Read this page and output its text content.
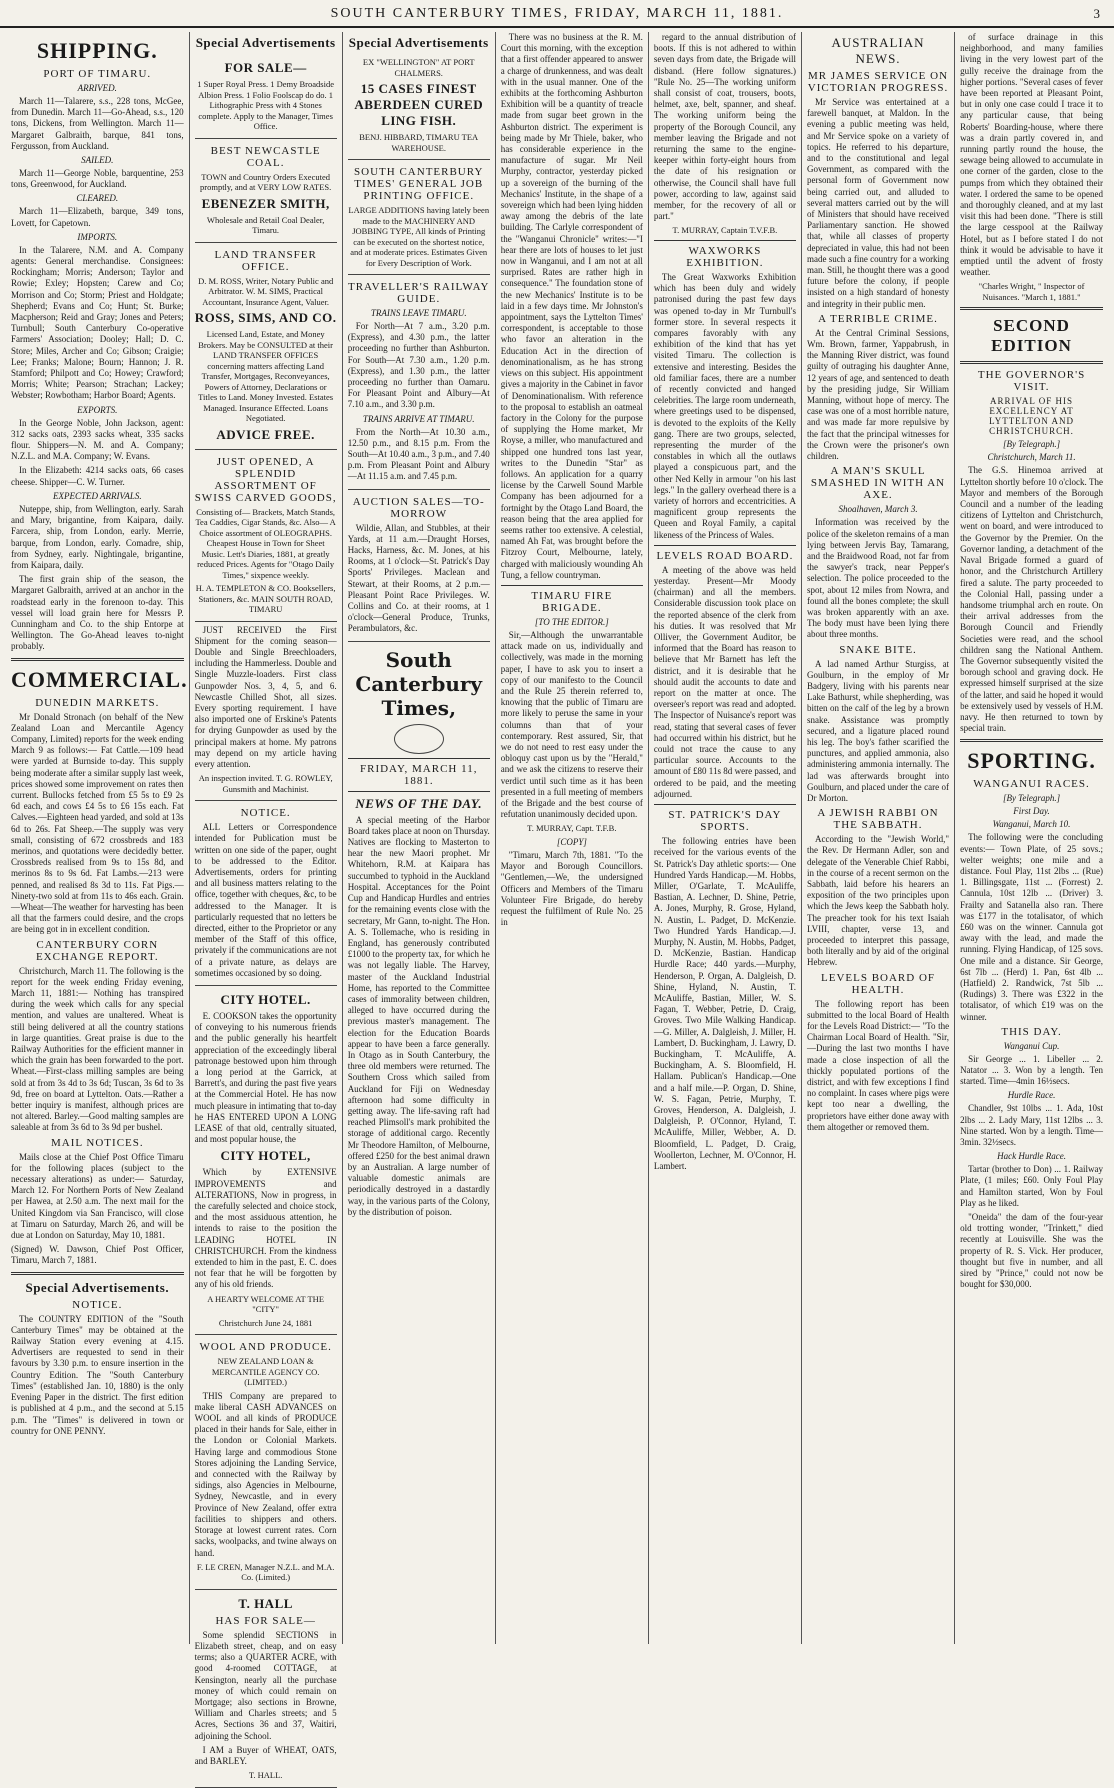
SOUTH CANTERBURY TIMES, FRIDAY, MARCH 11, 1881.	3
SHIPPING.
PORT OF TIMARU.
ARRIVED.

March 11—Talarere, s.s., 228 tons, McGee, from Dunedin. March 11—Go-Ahead, s.s., 120 tons, Dickens, from Wellington. March 11—Margaret Galbraith, barque, 841 tons, Fergusson, from Auckland.

SAILED.

March 11—George Noble, barquentine, 253 tons, Greenwood, for Auckland.

CLEARED.

March 11—Elizabeth, barque, 349 tons, Lovett, for Capetown.

IMPORTS.

In the Talarere, N.M. and A. Company agents: General merchandise. Consignees: Rockingham; Morris; Anderson; Taylor and Rowie; Exley; Hopsten; Carew and Co; Morrison and Co; Storm; Priest and Holdgate; Shepherd; Evans and Co; Hunt; St. Burke; Macpherson; Reid and Gray; Jones and Peters; Turnbull; South Canterbury Co-operative Farmers' Association; Dooley; Hall; D. C. Store; Miles, Archer and Co; Gibson; Craigie; Lee; Franks; Malone; Bourn; Hannon; J. R. Stamford; Philpott and Co; Howey; Crawford; Morris; White; Pearson; Strachan; Lackey; Webster; Rowbotham; Harbor Board; Agents.

EXPORTS.

In the George Noble, John Jackson, agent: 312 sacks oats, 2393 sacks wheat, 335 sacks flour. Shippers—N. M. and A. Company; N.Z.L. and M.A. Company; W. Evans.

In the Elizabeth: 4214 sacks oats, 66 cases cheese. Shipper—C. W. Turner.

EXPECTED ARRIVALS.

Nuteppe, ship, from Wellington, early. Sarah and Mary, brigantine, from Kaipara, daily. Farcera, ship, from London, early. Merrie, barque, from London, early. Comadre, ship, from Sydney, early. Nightingale, brigantine, from Kaipara, daily.

The first grain ship of the season, the Margaret Galbraith, arrived at an anchor in the roadstead early in the forenoon to-day. This vessel will load grain here for Messrs P. Cunningham and Co. to the ship Entorpe at Wellington. The Go-Ahead leaves to-night probably.

COMMERCIAL.
DUNEDIN MARKETS.

Mr Donald Stronach (on behalf of the New Zealand Loan and Mercantile Agency Company, Limited) reports for the week ending March 9 as follows:— Fat Cattle.—109 head were yarded at Burnside to-day. This supply being moderate after a similar supply last week, prices showed some improvement on rates then current. Bullocks fetched from £5 5s to £9 2s 6d each, and cows £4 5s to £6 15s each. Fat Calves.—Eighteen head yarded, and sold at 13s 6d to 26s. Fat Sheep.—The supply was very small, consisting of 672 crossbreds and 183 merinos, and quotations were decidedly better. Crossbreds realised from 9s to 15s 8d, and merinos 8s to 9s 6d. Fat Lambs.—213 were penned, and realised 8s 3d to 11s. Fat Pigs.—Ninety-two sold at from 11s to 46s each. Grain.—Wheat—The weather for harvesting has been all that the farmers could desire, and the crops are being got in in excellent condition.

CANTERBURY CORN EXCHANGE REPORT.

Christchurch, March 11. The following is the report for the week ending Friday evening, March 11, 1881:— Nothing has transpired during the week which calls for any special mention, and values are unaltered. Wheat is still being delivered at all the country stations in large quantities. Great praise is due to the Railway Authorities for the efficient manner in which the grain has been forwarded to the port. Wheat.—First-class milling samples are being sold at from 3s 4d to 3s 6d; Tuscan, 3s 6d to 3s 9d, free on board at Lyttelton. Oats.—Rather a better inquiry is manifest, although prices are not altered. Barley.—Good malting samples are saleable at from 3s 6d to 3s 9d per bushel.

MAIL NOTICES.

Mails close at the Chief Post Office Timaru for the following places (subject to the necessary alterations) as under:— Saturday, March 12. For Northern Ports of New Zealand per Hawea, at 2.50 a.m. The next mail for the United Kingdom via San Francisco, will close at Timaru on Saturday, March 26, and will be due at London on Saturday, May 10, 1881.

(Signed) W. Dawson, Chief Post Officer, Timaru, March 7, 1881.

Special Advertisements.
NOTICE.

The COUNTRY EDITION of the "South Canterbury Times" may be obtained at the Railway Station every evening at 4.15. Advertisers are requested to send in their favours by 3.30 p.m. to ensure insertion in the Country Edition. The "South Canterbury Times" (established Jan. 10, 1880) is the only Evening Paper in the district. The first edition is published at 4 p.m., and the second at 5.15 p.m. The "Times" is delivered in town or country for ONE PENNY.

Special Advertisements
FOR SALE—
1 Super Royal Press. 1 Demy Broadside Albion Press. 1 Folio Foolscap do do. 1 Lithographic Press with 4 Stones complete. Apply to the Manager, Times Office.
BEST NEWCASTLE COAL.
TOWN and Country Orders Executed promptly, and at VERY LOW RATES.
EBENEZER SMITH,
Wholesale and Retail Coal Dealer, Timaru.
LAND TRANSFER OFFICE.
D. M. ROSS, Writer, Notary Public and Arbitrator. W. M. SIMS, Practical Accountant, Insurance Agent, Valuer.
ROSS, SIMS, AND CO.
Licensed Land, Estate, and Money Brokers. May be CONSULTED at their LAND TRANSFER OFFICES concerning matters affecting Land Transfer, Mortgages, Reconveyances, Powers of Attorney, Declarations or Titles to Land. Money Invested. Estates Managed. Insurance Effected. Loans Negotiated.
ADVICE FREE.
JUST OPENED, A SPLENDID ASSORTMENT OF SWISS CARVED GOODS,
Consisting of— Brackets, Match Stands, Tea Caddies, Cigar Stands, &c. Also— A Choice assortment of OLEOGRAPHS. Cheapest House in Town for Sheet Music. Lett's Diaries, 1881, at greatly reduced Prices. Agents for "Otago Daily Times," sixpence weekly.
H. A. TEMPLETON & CO. Booksellers, Stationers, &c. MAIN SOUTH ROAD, TIMARU

JUST RECEIVED the First Shipment for the coming season— Double and Single Breechloaders, including the Hammerless. Double and Single Muzzle-loaders. First class Gunpowder Nos. 3, 4, 5, and 6. Newcastle Chilled Shot, all sizes. Every sporting requirement. I have also imported one of Erskine's Patents for drying Gunpowder as used by the principal makers at home. My patrons may depend on my article having every attention.

An inspection invited. T. G. ROWLEY, Gunsmith and Machinist.
NOTICE.

ALL Letters or Correspondence intended for Publication must be written on one side of the paper, ought to be addressed to the Editor. Advertisements, orders for printing and all business matters relating to the office, together with cheques, &c, to be addressed to the Manager. It is particularly requested that no letters be directed, either to the Proprietor or any member of the Staff of this office, privately if the communications are not of a private nature, as delays are sometimes occasioned by so doing.

CITY HOTEL.

E. COOKSON takes the opportunity of conveying to his numerous friends and the public generally his heartfelt appreciation of the exceedingly liberal patronage bestowed upon him through a long period at the Garrick, at Barrett's, and during the past five years at the Commercial Hotel. He has now much pleasure in intimating that to-day he HAS ENTERED UPON A LONG LEASE of that old, centrally situated, and most popular house, the

CITY HOTEL,

Which by EXTENSIVE IMPROVEMENTS and ALTERATIONS, Now in progress, in the carefully selected and choice stock, and the most assiduous attention, he intends to raise to the position the LEADING HOTEL IN CHRISTCHURCH. From the kindness extended to him in the past, E. C. does not fear that he will be forgotten by any of his old friends.

A HEARTY WELCOME AT THE "CITY"
Christchurch June 24, 1881
WOOL AND PRODUCE.
NEW ZEALAND LOAN & MERCANTILE AGENCY CO. (LIMITED.)

THIS Company are prepared to make liberal CASH ADVANCES on WOOL and all kinds of PRODUCE placed in their hands for Sale, either in the London or Colonial Markets. Having large and commodious Stone Stores adjoining the Landing Service, and connected with the Railway by sidings, also Agencies in Melbourne, Sydney, Newcastle, and in every Province of New Zealand, offer extra facilities to shippers and others. Storage at lowest current rates. Corn sacks, woolpacks, and twine always on hand.

F. LE CREN, Manager N.Z.L. and M.A. Co. (Limited.)
T. HALL
HAS FOR SALE—

Some splendid SECTIONS in Elizabeth street, cheap, and on easy terms; also a QUARTER ACRE, with good 4-roomed COTTAGE, at Kensington, nearly all the purchase money of which could remain on Mortgage; also sections in Browne, William and Charles streets; and 5 Acres, Sections 36 and 37, Waitiri, adjoining the School.

I AM a Buyer of WHEAT, OATS, and BARLEY.

T. HALL.
Special Advertisements
EX "WELLINGTON" AT PORT CHALMERS.
15 CASES FINEST ABERDEEN CURED LING FISH.
BENJ. HIBBARD, TIMARU TEA WAREHOUSE.
SOUTH CANTERBURY TIMES' GENERAL JOB PRINTING OFFICE.
LARGE ADDITIONS having lately been made to the MACHINERY AND JOBBING TYPE, All kinds of Printing can be executed on the shortest notice, and at moderate prices. Estimates Given for Every Description of Work.
TRAVELLER'S RAILWAY GUIDE.
TRAINS LEAVE TIMARU.

For North—At 7 a.m., 3.20 p.m. (Express), and 4.30 p.m., the latter proceeding no further than Ashburton. For South—At 7.30 a.m., 1.20 p.m. (Express), and 1.30 p.m., the latter proceeding no further than Oamaru. For Pleasant Point and Albury—At 7.10 a.m., and 3.30 p.m.

TRAINS ARRIVE AT TIMARU.

From the North—At 10.30 a.m., 12.50 p.m., and 8.15 p.m. From the South—At 10.40 a.m., 3 p.m., and 7.40 p.m. From Pleasant Point and Albury—At 11.15 a.m. and 7.45 p.m.

AUCTION SALES—TO-MORROW

Wildie, Allan, and Stubbles, at their Yards, at 11 a.m.—Draught Horses, Hacks, Harness, &c. M. Jones, at his Rooms, at 1 o'clock—St. Patrick's Day Sports' Privileges. Maclean and Stewart, at their Rooms, at 2 p.m.—Pleasant Point Race Privileges. W. Collins and Co. at their rooms, at 1 o'clock—General Produce, Trunks, Perambulators, &c.

South Canterbury Times,
FRIDAY, MARCH 11, 1881.
NEWS OF THE DAY.

A special meeting of the Harbor Board takes place at noon on Thursday. Natives are flocking to Masterton to hear the new Maori prophet. Mr Whitehorn, R.M. at Kaipara has succumbed to typhoid in the Auckland Hospital. Acceptances for the Point Cup and Handicap Hurdles and entries for the remaining events close with the secretary, Mr Gann, to-night. The Hon. A. S. Tollemache, who is residing in England, has generously contributed £1000 to the property tax, for which he was not legally liable. The Harvey, master of the Auckland Industrial Home, has reported to the Committee cases of immorality between children, alleged to have occurred during the previous master's management. The election for the Education Boards appear to have been a farce generally. In Otago as in South Canterbury, the three old members were returned. The Southern Cross which sailed from Auckland for Fiji on Wednesday afternoon had some difficulty in getting away. The life-saving raft had reached Plimsoll's mark prohibited the storage of additional cargo. Recently Mr Theodore Hamilton, of Melbourne, offered £250 for the best animal drawn by an Australian. A large number of valuable domestic animals are periodically destroyed in a dastardly way, in the various parts of the Colony, by the distribution of poison.

There was no business at the R. M. Court this morning, with the exception that a first offender appeared to answer a charge of drunkenness, and was dealt with in the usual manner. One of the exhibits at the forthcoming Ashburton Exhibition will be a quantity of treacle made from sugar beet grown in the Ashburton district. The experiment is being made by Mr Thiele, baker, who has considerable experience in the manufacture of sugar. Mr Neil Murphy, contractor, yesterday picked up a sovereign of the burning of the Mechanics' Institute, in the shape of a sovereign which had been lying hidden away among the debris of the late building. The Carlyle correspondent of the "Wanganui Chronicle" writes:—"I hear there are lots of houses to let just now in Wanganui, and I am not at all surprised. Rates are rather high in consequence." The foundation stone of the new Mechanics' Institute is to be laid in a few days time. Mr Johnston's appointment, says the Lyttelton Times' correspondent, is acceptable to those who favor an alteration in the Education Act in the direction of denominationalism, as he has strong views on this subject. His appointment gives a majority in the Cabinet in favor of Denominationalism. With reference to the proposal to establish an oatmeal factory in the Colony for the purpose of supplying the Home market, Mr Royse, a miller, who manufactured and shipped one hundred tons last year, writes to the Dunedin "Star" as follows. An application for a quarry license by the Carwell Sound Marble Company has been adjourned for a fortnight by the Otago Land Board, the reason being that the area applied for seems rather too extensive. A celestial, named Ah Fat, was brought before the Fitzroy Court, Melbourne, lately, charged with maliciously wounding Ah Tung, a fellow countryman.

TIMARU FIRE BRIGADE.
[TO THE EDITOR.]

Sir,—Although the unwarrantable attack made on us, individually and collectively, was made in the morning paper, I have to ask you to insert a copy of our manifesto to the Council and the Rule 25 therein referred to, knowing that the public of Timaru are more likely to peruse the same in your columns than that of your contemporary. Rest assured, Sir, that we do not need to rest easy under the obloquy cast upon us by the "Herald," and we ask the citizens to reserve their verdict until such time as it has been presented in a full meeting of members of the Brigade and the best course of refutation unanimously decided upon.

T. MURRAY, Capt. T.F.B.
[COPY]

"Timaru, March 7th, 1881. "To the Mayor and Borough Councillors. "Gentlemen,—We, the undersigned Officers and Members of the Timaru Volunteer Fire Brigade, do hereby request the fulfilment of Rule No. 25 in

regard to the annual distribution of boots. If this is not adhered to within seven days from date, the Brigade will disband. (Here follow signatures.) "Rule No. 25—The working uniform shall consist of coat, trousers, boots, helmet, axe, belt, spanner, and sheaf. The working uniform being the property of the Borough Council, any member leaving the Brigade and not returning the same to the engine-keeper within forty-eight hours from the date of his resignation or otherwise, the Council shall have full power, according to law, against said member, for the recovery of all or part."

T. MURRAY, Captain T.V.F.B.
WAXWORKS EXHIBITION.

The Great Waxworks Exhibition which has been duly and widely patronised during the past few days was opened to-day in Mr Turnbull's former store. In several respects it compares favorably with any exhibition of the kind that has yet visited Timaru. The collection is extensive and interesting. Besides the old familiar faces, there are a number of recently convicted and hanged celebrities. The large room underneath, where greetings used to be dispensed, is devoted to the exploits of the Kelly gang. There are two groups, selected, representing the murder of the constables in which all the outlaws played a conspicuous part, and the other Ned Kelly in armour "on his last legs." In the gallery overhead there is a variety of horrors and eccentricities. A magnificent group represents the Queen and Royal Family, a capital likeness of the Princess of Wales.

LEVELS ROAD BOARD.

A meeting of the above was held yesterday. Present—Mr Moody (chairman) and all the members. Considerable discussion took place on the reported absence of the clerk from his duties. It was resolved that Mr Olliver, the Government Auditor, be informed that the Board has reason to believe that Mr Barnett has left the district, and it is desirable that he should audit the accounts to date and report on the matter at once. The overseer's report was read and adopted. The Inspector of Nuisance's report was read, stating that several cases of fever had occurred within his district, but he could not trace the cause to any particular source. Accounts to the amount of £80 11s 8d were passed, and ordered to be paid, and the meeting adjourned.

ST. PATRICK'S DAY SPORTS.

The following entries have been received for the various events of the St. Patrick's Day athletic sports:— One Hundred Yards Handicap.—M. Hobbs, Miller, O'Garlate, T. McAuliffe, Bastian, A. Lechner, D. Shine, Petrie, A. Jones, Murphy, R. Grose, Hyland, N. Austin, L. Padget, D. McKenzie. Two Hundred Yards Handicap.—J. Murphy, N. Austin, M. Hobbs, Padget, D. McKenzie, Bastian. Handicap Hurdle Race; 440 yards.—Murphy, Henderson, P. Organ, A. Dalgleish, D. Shine, Hyland, N. Austin, T. McAuliffe, Bastian, Miller, W. S. Fagan, T. Webber, Petrie, D. Craig, Groves. Two Mile Walking Handicap.—G. Miller, A. Dalgleish, J. Miller, H. Lambert, D. Buckingham, J. Lawry, D. Buckingham, T. McAuliffe, A. Buckingham, A. S. Bloomfield, H. Hallam. Publican's Handicap.—One and a half mile.—P. Organ, D. Shine, W. S. Fagan, Petrie, Murphy, T. Groves, Henderson, A. Dalgleish, J. Dalgleish, P. O'Connor, Hyland, T. McAuliffe, Miller, Webber, A. D. Bloomfield, L. Padget, D. Craig, Woollerton, Lechner, M. O'Connor, H. Lambert.

AUSTRALIAN NEWS.
MR JAMES SERVICE ON VICTORIAN PROGRESS.

Mr Service was entertained at a farewell banquet, at Maldon. In the evening a public meeting was held, and Mr Service spoke on a variety of topics. He referred to his departure, and to the constitutional and legal Government, as compared with the personal form of Government now being carried out, and alluded to several matters carried out by the will of Ministers that should have received Parliamentary sanction. He showed that, while all classes of property depreciated in value, this had not been made such a fine country for a working man. Still, he thought there was a good future before the colony, if people insisted on a high standard of honesty and integrity in their public men.

A TERRIBLE CRIME.

At the Central Criminal Sessions, Wm. Brown, farmer, Yappabrush, in the Manning River district, was found guilty of outraging his daughter Anne, 12 years of age, and sentenced to death by the presiding judge, Sir William Manning, without hope of mercy. The case was one of a most horrible nature, and was made far more repulsive by the fact that the principal witnesses for the Crown were the prisoner's own children.

A MAN'S SKULL SMASHED IN WITH AN AXE.
Shoalhaven, March 3.

Information was received by the police of the skeleton remains of a man lying between Jervis Bay, Tamarang, and the Braidwood Road, not far from the sawyer's track, near Pepper's selection. The police proceeded to the spot, about 12 miles from Nowra, and found all the bones complete; the skull was broken apparently with an axe. The body must have been lying there about three months.

SNAKE BITE.

A lad named Arthur Sturgiss, at Goulburn, in the employ of Mr Badgery, living with his parents near Lake Bathurst, while shepherding, was bitten on the calf of the leg by a brown snake. Assistance was promptly secured, and a ligature placed round his leg. The boy's father scarified the punctures, and applied ammonia, also administering ammonia internally. The lad was afterwards brought into Goulburn, and placed under the care of Dr Morton.

A JEWISH RABBI ON THE SABBATH.

According to the "Jewish World," the Rev. Dr Hermann Adler, son and delegate of the Venerable Chief Rabbi, in the course of a recent sermon on the Sabbath, laid before his hearers an exposition of the two principles upon which the Jews keep the Sabbath holy. The preacher took for his text Isaiah LVIII, chapter, verse 13, and proceeded to interpret this passage, both literally and by aid of the original Hebrew.

LEVELS BOARD OF HEALTH.

The following report has been submitted to the local Board of Health for the Levels Road District:— "To the Chairman Local Board of Health. "Sir,—During the last two months I have made a close inspection of all the thickly populated portions of the district, and with few exceptions I find no complaint. In cases where pigs were kept too near a dwelling, the proprietors have either done away with them altogether or removed them.

of surface drainage in this neighborhood, and many families living in the very lowest part of the gully receive the drainage from the higher portions. "Several cases of fever have been reported at Pleasant Point, but in only one case could I trace it to any particular cause, that being Roberts' Boarding-house, where there was a drain partly covered in, and running partly round the house, the sewage being allowed to accumulate in one corner of the garden, close to the pumps from which they obtained their water. I ordered the same to be opened and thoroughly cleaned, and at my last visit this had been done. "There is still the large cesspool at the Railway Hotel, but as I before stated I do not think it would be advisable to have it emptied until the advent of frosty weather.

"Charles Wright, " Inspector of Nuisances. "March 1, 1881."
SECOND EDITION
THE GOVERNOR'S VISIT.
ARRIVAL OF HIS EXCELLENCY AT LYTTELTON AND CHRISTCHURCH.
[By Telegraph.]
Christchurch, March 11.

The G.S. Hinemoa arrived at Lyttelton shortly before 10 o'clock. The Mayor and members of the Borough Council and a number of the leading citizens of Lyttelton and Christchurch, went on board, and were introduced to the Governor by the Premier. On the Governor landing, a detachment of the Naval Brigade formed a guard of honor, and the Christchurch Artillery fired a salute. The party proceeded to the Colonial Hall, passing under a handsome triumphal arch en route. On their arrival addresses from the Borough Council and Friendly Societies were read, and the school children sang the National Anthem. The Governor subsequently visited the borough school and graving dock. He expressed himself surprised at the size of the latter, and said he hoped it would be extensively used by vessels of H.M. navy. He then returned to town by special train.

SPORTING.
WANGANUI RACES.
[By Telegraph.]
First Day.
Wanganui, March 10.

The following were the concluding events:— Town Plate, of 25 sovs.; welter weights; one mile and a distance. Foul Play, 11st 2lbs ... (Rue) 1. Billingsgate, 11st ... (Forrest) 2. Cannula, 10st 12lb ... (Driver) 3. Frailty and Satanella also ran. There was £177 in the totalisator, of which £60 was on the winner. Cannula got away with the lead, and made the running. Flying Handicap, of 125 sovs. One mile and a distance. Sir George, 6st 7lb ... (Herd) 1. Pan, 6st 4lb ... (Hatfield) 2. Randwick, 7st 5lb ... (Rudings) 3. There was £322 in the totalisator, of which £19 was on the winner.

THIS DAY.
Wanganui Cup.

Sir George ... 1. Libeller ... 2. Natator ... 3. Won by a length. Ten started. Time—4min 16½secs.

Hurdle Race.

Chandler, 9st 10lbs ... 1. Ada, 10st 2lbs ... 2. Lady Mary, 11st 12lbs ... 3. Nine started. Won by a length. Time—3min. 32½secs.

Hack Hurdle Race.

Tartar (brother to Don) ... 1. Railway Plate, (1 miles; £60. Only Foul Play and Hamilton started, Won by Foul Play as he liked.

"Oneida" the dam of the four-year old trotting wonder, "Trinkett," died recently at Louisville. She was the property of R. S. Vick. Her producer, thought but five in number, and all sired by "Prince," could not now be bought for $30,000.
